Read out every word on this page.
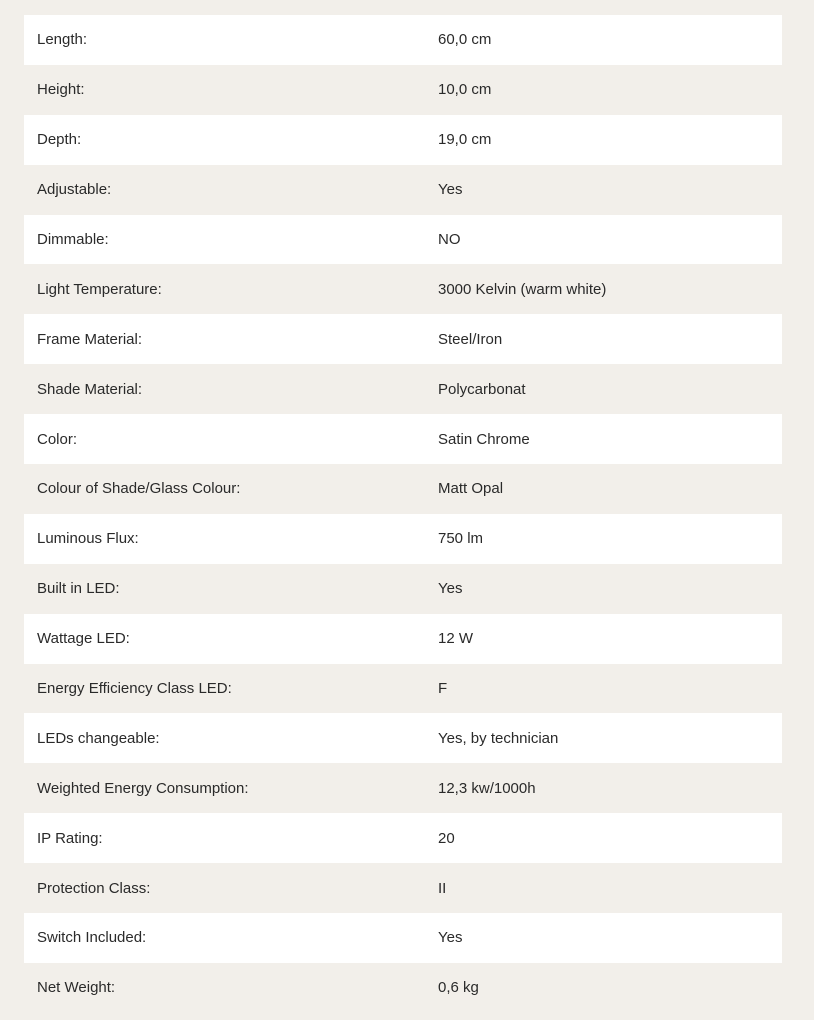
Length:	60,0 cm
Height:	10,0 cm
Depth:	19,0 cm
Adjustable:	Yes
Dimmable:	NO
Light Temperature:	3000 Kelvin (warm white)
Frame Material:	Steel/Iron
Shade Material:	Polycarbonat
Color:	Satin Chrome
Colour of Shade/Glass Colour:	Matt Opal
Luminous Flux:	750 lm
Built in LED:	Yes
Wattage LED:	12 W
Energy Efficiency Class LED:	F
LEDs changeable:	Yes, by technician
Weighted Energy Consumption:	12,3 kw/1000h
IP Rating:	20
Protection Class:	II
Switch Included:	Yes
Net Weight:	0,6 kg
